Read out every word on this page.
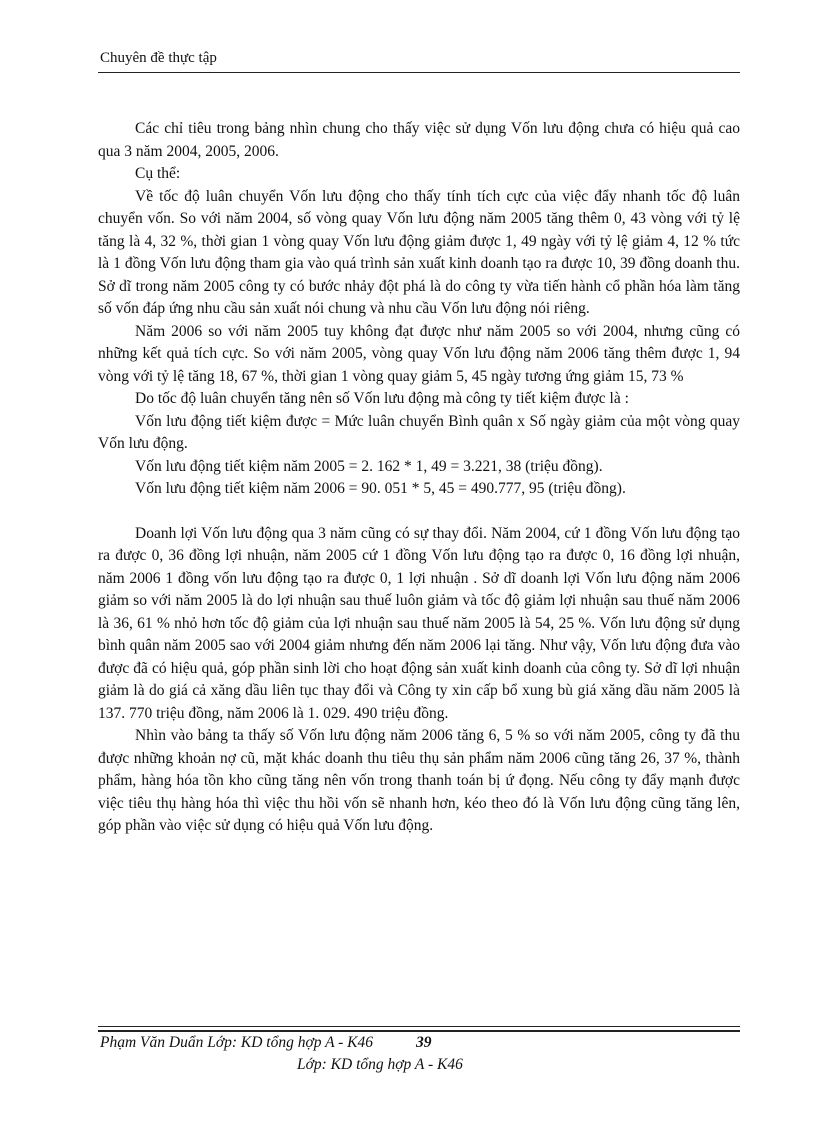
Chuyên đề thực tập

Các chỉ tiêu trong bảng nhìn chung cho thấy việc sử dụng Vốn lưu động chưa có hiệu quả cao qua 3 năm 2004, 2005, 2006.

Cụ thể:

Về tốc độ luân chuyển Vốn lưu động cho thấy tính tích cực của việc đẩy nhanh tốc độ luân chuyển vốn. So với năm 2004, số vòng quay Vốn lưu động năm 2005 tăng thêm 0, 43 vòng với tỷ lệ tăng là 4, 32 %, thời gian 1 vòng quay Vốn lưu động giảm được 1, 49 ngày với tỷ lệ giảm 4, 12 % tức là 1 đồng Vốn lưu động tham gia vào quá trình sản xuất kinh doanh tạo ra được 10, 39 đồng doanh thu. Sở dĩ trong năm 2005 công ty có bước nhảy đột phá là do công ty vừa tiến hành cổ phần hóa làm tăng số vốn đáp ứng nhu cầu sản xuất nói chung và nhu cầu Vốn lưu động nói riêng.

Năm 2006 so với năm 2005 tuy không đạt được như năm 2005 so với 2004, nhưng cũng có những kết quả tích cực. So với năm 2005, vòng quay Vốn lưu động năm 2006 tăng thêm được 1, 94 vòng với tỷ lệ tăng 18, 67 %, thời gian 1 vòng quay giảm 5, 45 ngày tương ứng giảm 15, 73 %

Do tốc độ luân chuyển tăng nên số Vốn lưu động mà công ty tiết kiệm được là :

Vốn lưu động tiết kiệm được = Mức luân chuyển Bình quân x Số ngày giảm của một vòng quay Vốn lưu động.

Vốn lưu động tiết kiệm năm 2005 = 2. 162 * 1, 49 = 3.221, 38 (triệu đồng).

Vốn lưu động tiết kiệm năm 2006 = 90. 051 * 5, 45 = 490.777, 95 (triệu đồng).

Doanh lợi Vốn lưu động qua 3 năm cũng có sự thay đổi. Năm 2004, cứ 1 đồng Vốn lưu động tạo ra được 0, 36 đồng lợi nhuận, năm 2005 cứ 1 đồng Vốn lưu động tạo ra được 0, 16 đồng lợi nhuận, năm 2006 1 đồng vốn lưu động tạo ra được 0, 1 lợi nhuận . Sở dĩ doanh lợi Vốn lưu động năm 2006 giảm so với năm 2005 là do lợi nhuận sau thuế luôn giảm và tốc độ giảm lợi nhuận sau thuế năm 2006 là 36, 61 % nhỏ hơn tốc độ giảm của lợi nhuận sau thuế năm 2005 là 54, 25 %. Vốn lưu động sử dụng bình quân năm 2005 sao với 2004 giảm nhưng đến năm 2006 lại tăng. Như vậy, Vốn lưu động đưa vào được đã có hiệu quả, góp phần sinh lời cho hoạt động sản xuất kinh doanh của công ty. Sở dĩ lợi nhuận giảm là do giá cả xăng dầu liên tục thay đổi và Công ty xin cấp bổ xung bù giá xăng dầu năm 2005 là 137. 770 triệu đồng, năm 2006 là 1. 029. 490 triệu đồng.

Nhìn vào bảng ta thấy số Vốn lưu động năm 2006 tăng 6, 5 % so với năm 2005, công ty đã thu được những khoản nợ cũ, mặt khác doanh thu tiêu thụ sản phẩm năm 2006 cũng tăng 26, 37 %, thành phẩm, hàng hóa tồn kho cũng tăng nên vốn trong thanh toán bị ứ đọng. Nếu công ty đẩy mạnh được việc tiêu thụ hàng hóa thì việc thu hồi vốn sẽ nhanh hơn, kéo theo đó là Vốn lưu động cũng tăng lên, góp phần vào việc sử dụng có hiệu quả Vốn lưu động.

Phạm Văn Duẩn Lớp: KD tổng hợp A - K46	39
Lớp: KD tổng hợp A - K46
